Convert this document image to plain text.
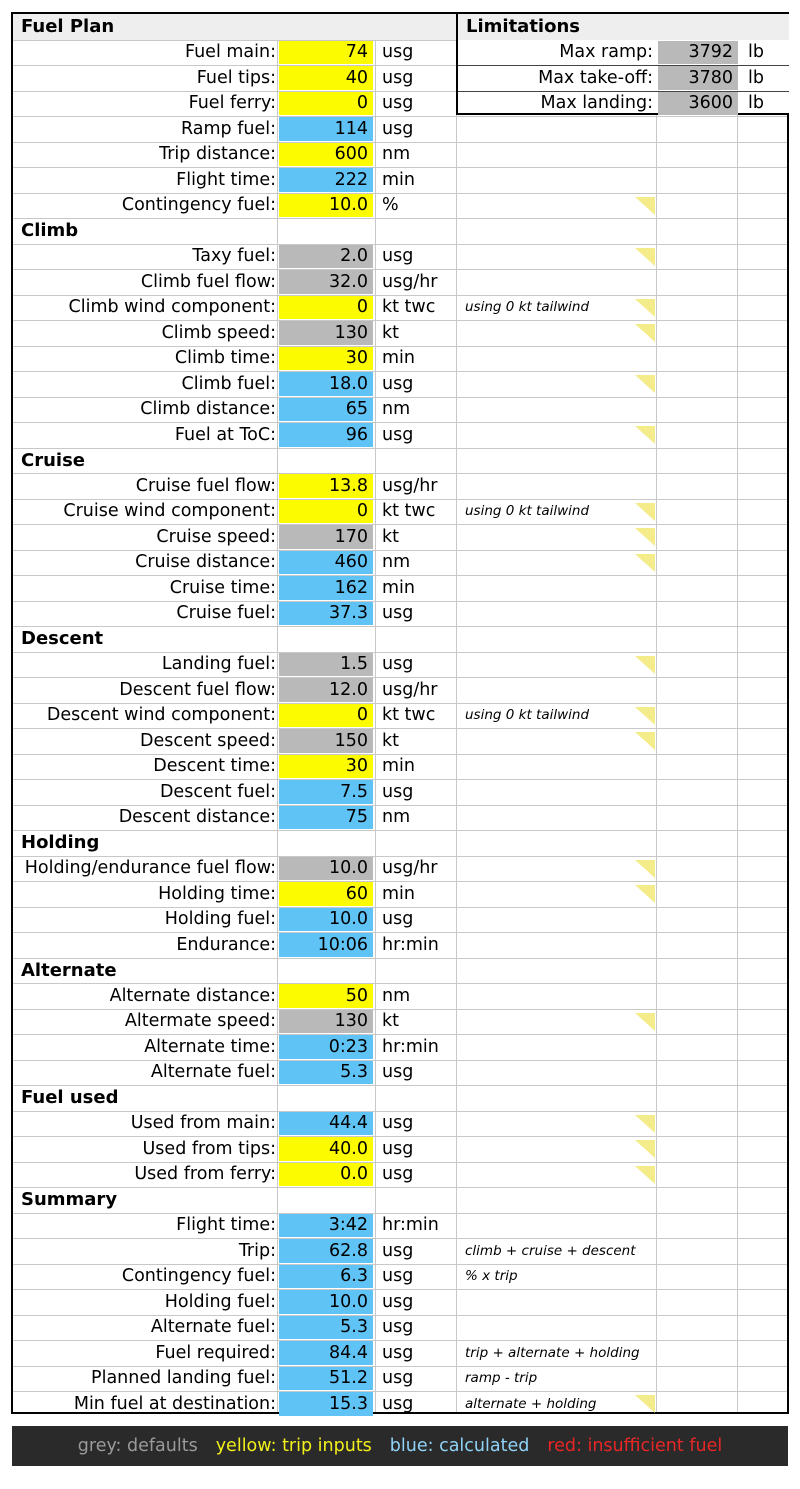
Fuel Plan	Limitations
Max ramp:	3792 lb
Max take-off:	3780 lb
Max landing:	3600 lb
Fuel main:	74 usg
Fuel tips:	40 usg
Fuel ferry:	0 usg
Ramp fuel:	114 usg
Trip distance:	600 nm
Flight time:	222 min
Contingency fuel:	10.0 %
Climb
Taxy fuel:	2.0 usg
Climb fuel flow:	32.0 usg/hr
Climb wind component:	0 kt twc using 0 kt tailwind
Climb speed:	130 kt
Climb time:	30 min
Climb fuel:	18.0 usg
Climb distance:	65 nm
Fuel at ToC:	96 usg
Cruise
Cruise fuel flow:	13.8 usg/hr
Cruise wind component:	0 kt twc using 0 kt tailwind
Cruise speed:	170 kt
Cruise distance:	460 nm
Cruise time:	162 min
Cruise fuel:	37.3 usg
Descent
Landing fuel:	1.5 usg
Descent fuel flow:	12.0 usg/hr
Descent wind component:	0 kt twc using 0 kt tailwind
Descent speed:	150 kt
Descent time:	30 min
Descent fuel:	7.5 usg
Descent distance:	75 nm
Holding
Holding/endurance fuel flow:	10.0 usg/hr
Holding time:	60 min
Holding fuel:	10.0 usg
Endurance:	10:06 hr:min
Alternate
Alternate distance:	50 nm
Altermate speed:	130 kt
Alternate time:	0:23 hr:min
Alternate fuel:	5.3 usg
Fuel used
Used from main:	44.4 usg
Used from tips:	40.0 usg
Used from ferry:	0.0 usg
Summary
Flight time:	3:42 hr:min
Trip:	62.8 usg	climb + cruise + descent
Contingency fuel:	6.3 usg	% x trip
Holding fuel:	10.0 usg
Alternate fuel:	5.3 usg
Fuel required:	84.4 usg	trip + alternate + holding
Planned landing fuel:	51.2 usg	ramp - trip
Min fuel at destination:	15.3 usg	alternate + holding
grey: defaults yellow: trip inputs blue: calculated red: insufficient fuel
